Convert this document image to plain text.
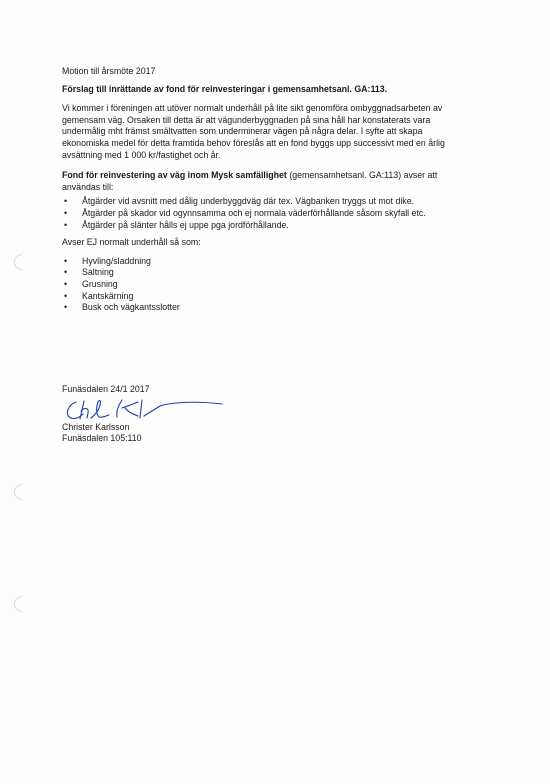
Motion till årsmöte 2017

Förslag till inrättande av fond för reinvesteringar i gemensamhetsanl. GA:113.

Vi kommer i föreningen att utöver normalt underhåll på lite sikt genomföra ombyggnadsarbeten av
gemensam väg. Orsaken till detta är att vägunderbyggnaden på sina håll har konstaterats vara
undermålig mht främst smältvatten som underminerar vägen på några delar. I syfte att skapa
ekonomiska medel för detta framtida behov föreslås att en fond byggs upp successivt med en årlig
avsättning med 1 000 kr/fastighet och år.

Fond för reinvestering av väg inom Mysk samfällighet (gemensamhetsanl. GA:113) avser att
användas till:

• Åtgärder vid avsnitt med dålig underbyggdväg där tex. Vägbanken tryggs ut mot dike.
• Åtgärder på skador vid ogynnsamma och ej normala väderförhållande såsom skyfall etc.
• Åtgärder på slänter hålls ej uppe pga jordförhållande.

Avser EJ normalt underhåll så som:

• Hyvling/sladdning
• Saltning
• Grusning
• Kantskärning
• Busk och vägkantsslotter

Funäsdalen 24/1 2017

Christer Karlsson

Funäsdalen 105:110
